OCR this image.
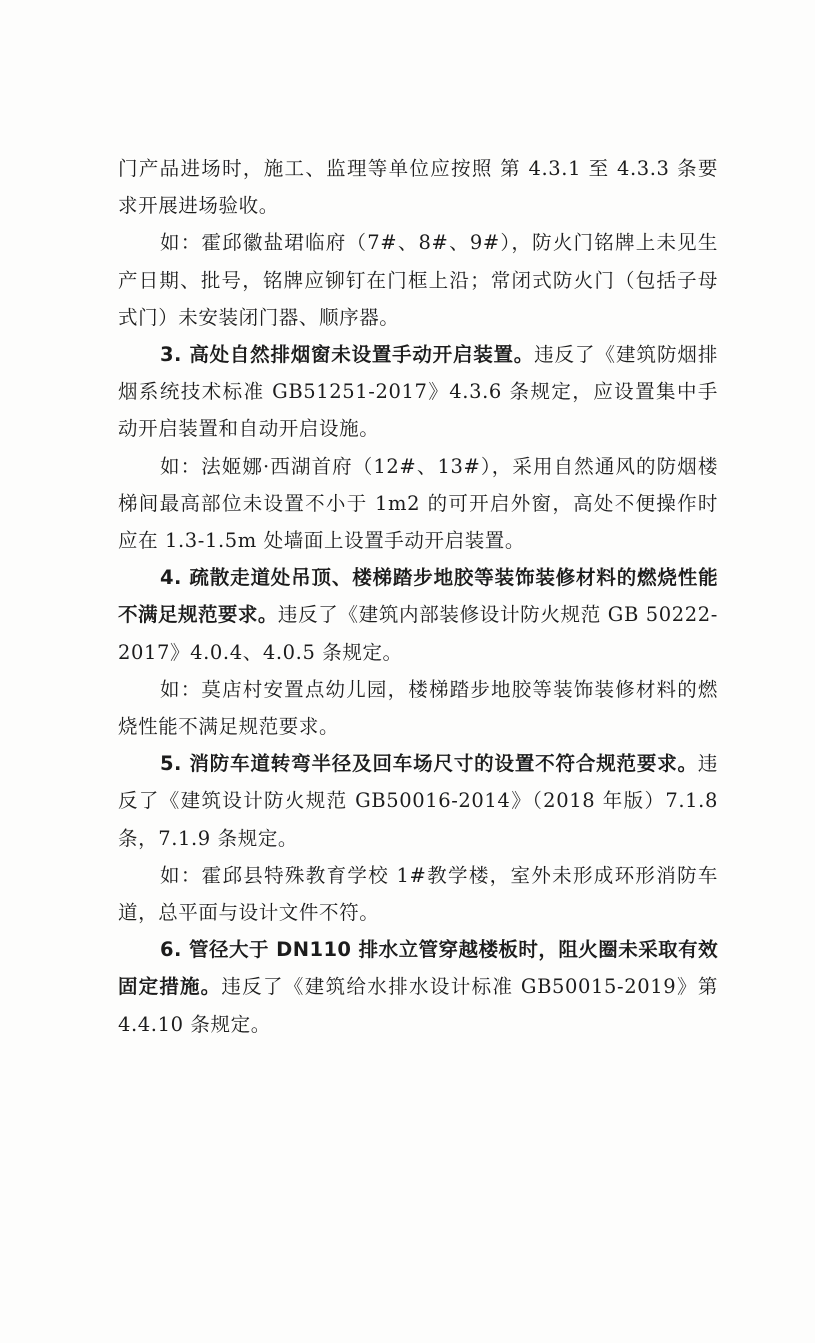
门产品进场时，施工、监理等单位应按照 第 4.3.1 至 4.3.3 条要求开展进场验收。

如：霍邱徽盐珺临府（7#、8#、9#），防火门铭牌上未见生产日期、批号，铭牌应铆钉在门框上沿；常闭式防火门（包括子母式门）未安装闭门器、顺序器。

3. 高处自然排烟窗未设置手动开启装置。违反了《建筑防烟排烟系统技术标准 GB51251-2017》4.3.6 条规定，应设置集中手动开启装置和自动开启设施。

如：法姬娜·西湖首府（12#、13#），采用自然通风的防烟楼梯间最高部位未设置不小于 1m2 的可开启外窗，高处不便操作时应在 1.3-1.5m 处墙面上设置手动开启装置。

4. 疏散走道处吊顶、楼梯踏步地胶等装饰装修材料的燃烧性能不满足规范要求。违反了《建筑内部装修设计防火规范 GB 50222-2017》4.0.4、4.0.5 条规定。

如：莫店村安置点幼儿园，楼梯踏步地胶等装饰装修材料的燃烧性能不满足规范要求。

5. 消防车道转弯半径及回车场尺寸的设置不符合规范要求。违反了《建筑设计防火规范 GB50016-2014》（2018 年版）7.1.8 条，7.1.9 条规定。

如：霍邱县特殊教育学校 1#教学楼，室外未形成环形消防车道，总平面与设计文件不符。

6. 管径大于 DN110 排水立管穿越楼板时，阻火圈未采取有效固定措施。违反了《建筑给水排水设计标准 GB50015-2019》第 4.4.10 条规定。
